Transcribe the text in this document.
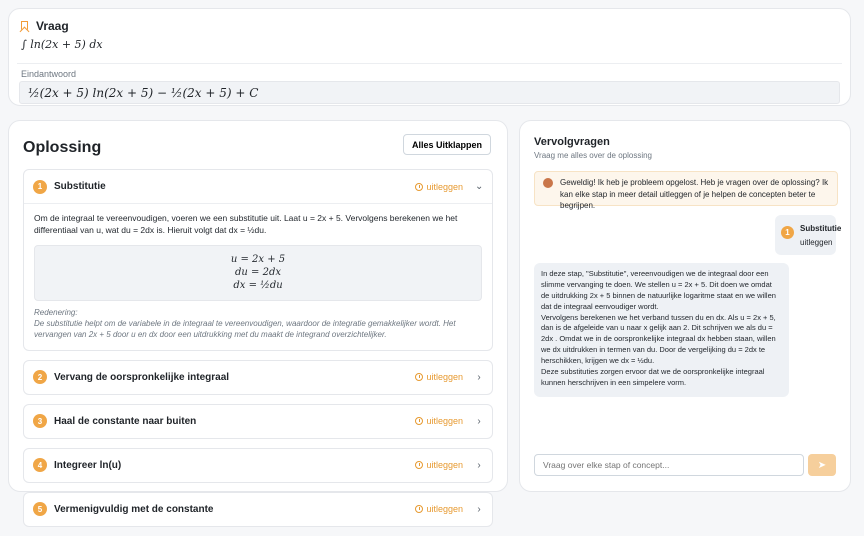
Vraag
∫ ln(2x + 5) dx
Eindantwoord
½(2x + 5) ln(2x + 5) − ½(2x + 5) + C
Oplossing	Alles Uitklappen
1	Substitutie	uitleggen ⌄
Om de integraal te vereenvoudigen, voeren we een substitutie uit. Laat u = 2x + 5. Vervolgens berekenen we het differentiaal van u, wat du = 2dx is. Hieruit volgt dat dx = ½du.
u = 2x + 5
du = 2dx
dx = ½du
Redenering:
De substitutie helpt om de variabele in de integraal te vereenvoudigen, waardoor de integratie gemakkelijker wordt. Het vervangen van 2x + 5 door u en dx door een uitdrukking met du maakt de integrand overzichtelijker.
2	Vervang de oorspronkelijke integraal	uitleggen ›
3	Haal de constante naar buiten	uitleggen ›
4	Integreer ln(u)	uitleggen ›
5	Vermenigvuldig met de constante	uitleggen ›
Vervolgvragen
Vraag me alles over de oplossing
Geweldig! Ik heb je probleem opgelost. Heb je vragen over de oplossing? Ik kan elke stap in meer detail uitleggen of je helpen de concepten beter te begrijpen.
1	Substitutie
uitleggen
In deze stap, "Substitutie", vereenvoudigen we de integraal door een slimme vervanging te doen. We stellen u = 2x + 5. Dit doen we omdat de uitdrukking 2x + 5 binnen de natuurlijke logaritme staat en we willen dat de integraal eenvoudiger wordt.
Vervolgens berekenen we het verband tussen du en dx. Als u = 2x + 5, dan is de afgeleide van u naar x gelijk aan 2. Dit schrijven we als du = 2dx . Omdat we in de oorspronkelijke integraal dx hebben staan, willen we dx uitdrukken in termen van du. Door de vergelijking du = 2dx te herschikken, krijgen we dx = ½du.
Deze substituties zorgen ervoor dat we de oorspronkelijke integraal kunnen herschrijven in een simpelere vorm.
Vraag over elke stap of concept...
➤
